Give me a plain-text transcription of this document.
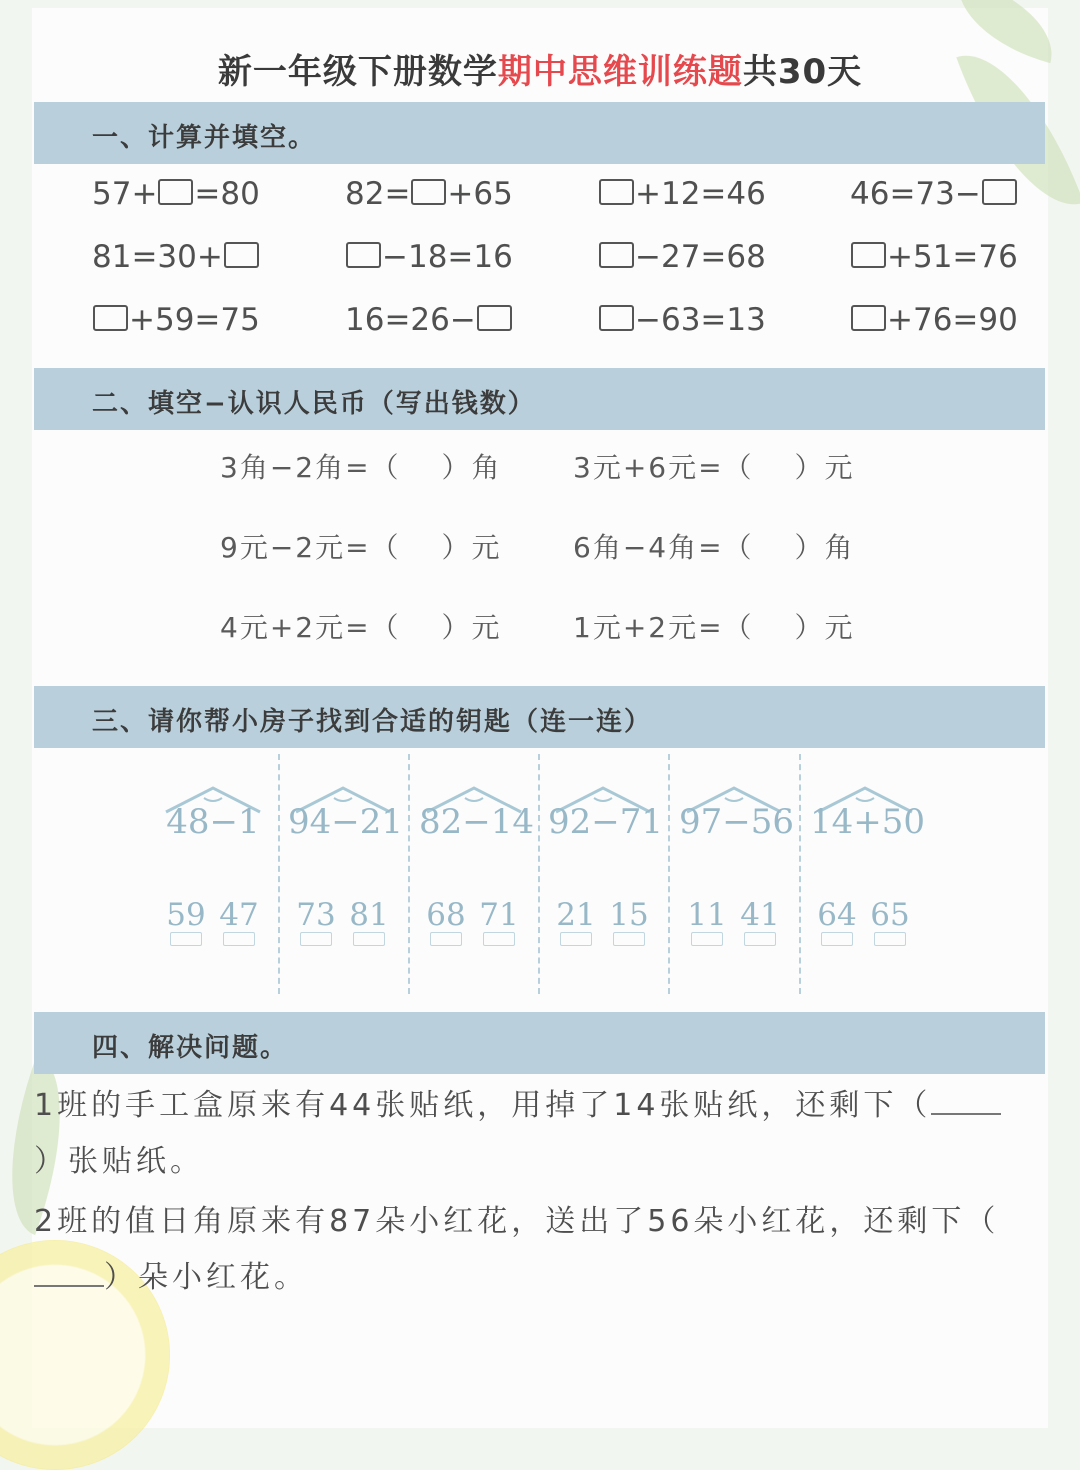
新一年级下册数学期中思维训练题共30天
一、计算并填空。
57+ =80	82= +65	+12=46	46=73−
81=30+	−18=16	−27=68	+51=76
+59=75	16=26−	−63=13	+76=90
二、填空−认识人民币（写出钱数）
3角−2角=（　 ）角	3元+6元=（　 ）元
9元−2元=（　 ）元	6角−4角=（　 ）角
4元+2元=（　 ）元	1元+2元=（　 ）元
三、请你帮小房子找到合适的钥匙（连一连）
48−1 94−21 82−14 92−71 97−56 14+50
59 47 73 81 68 71 21 15 11 41 64 65
四、解决问题。
1班的手工盒原来有44张贴纸，用掉了14张贴纸，还剩下（
）张贴纸。
2班的值日角原来有87朵小红花，送出了56朵小红花，还剩下（
）朵小红花。
